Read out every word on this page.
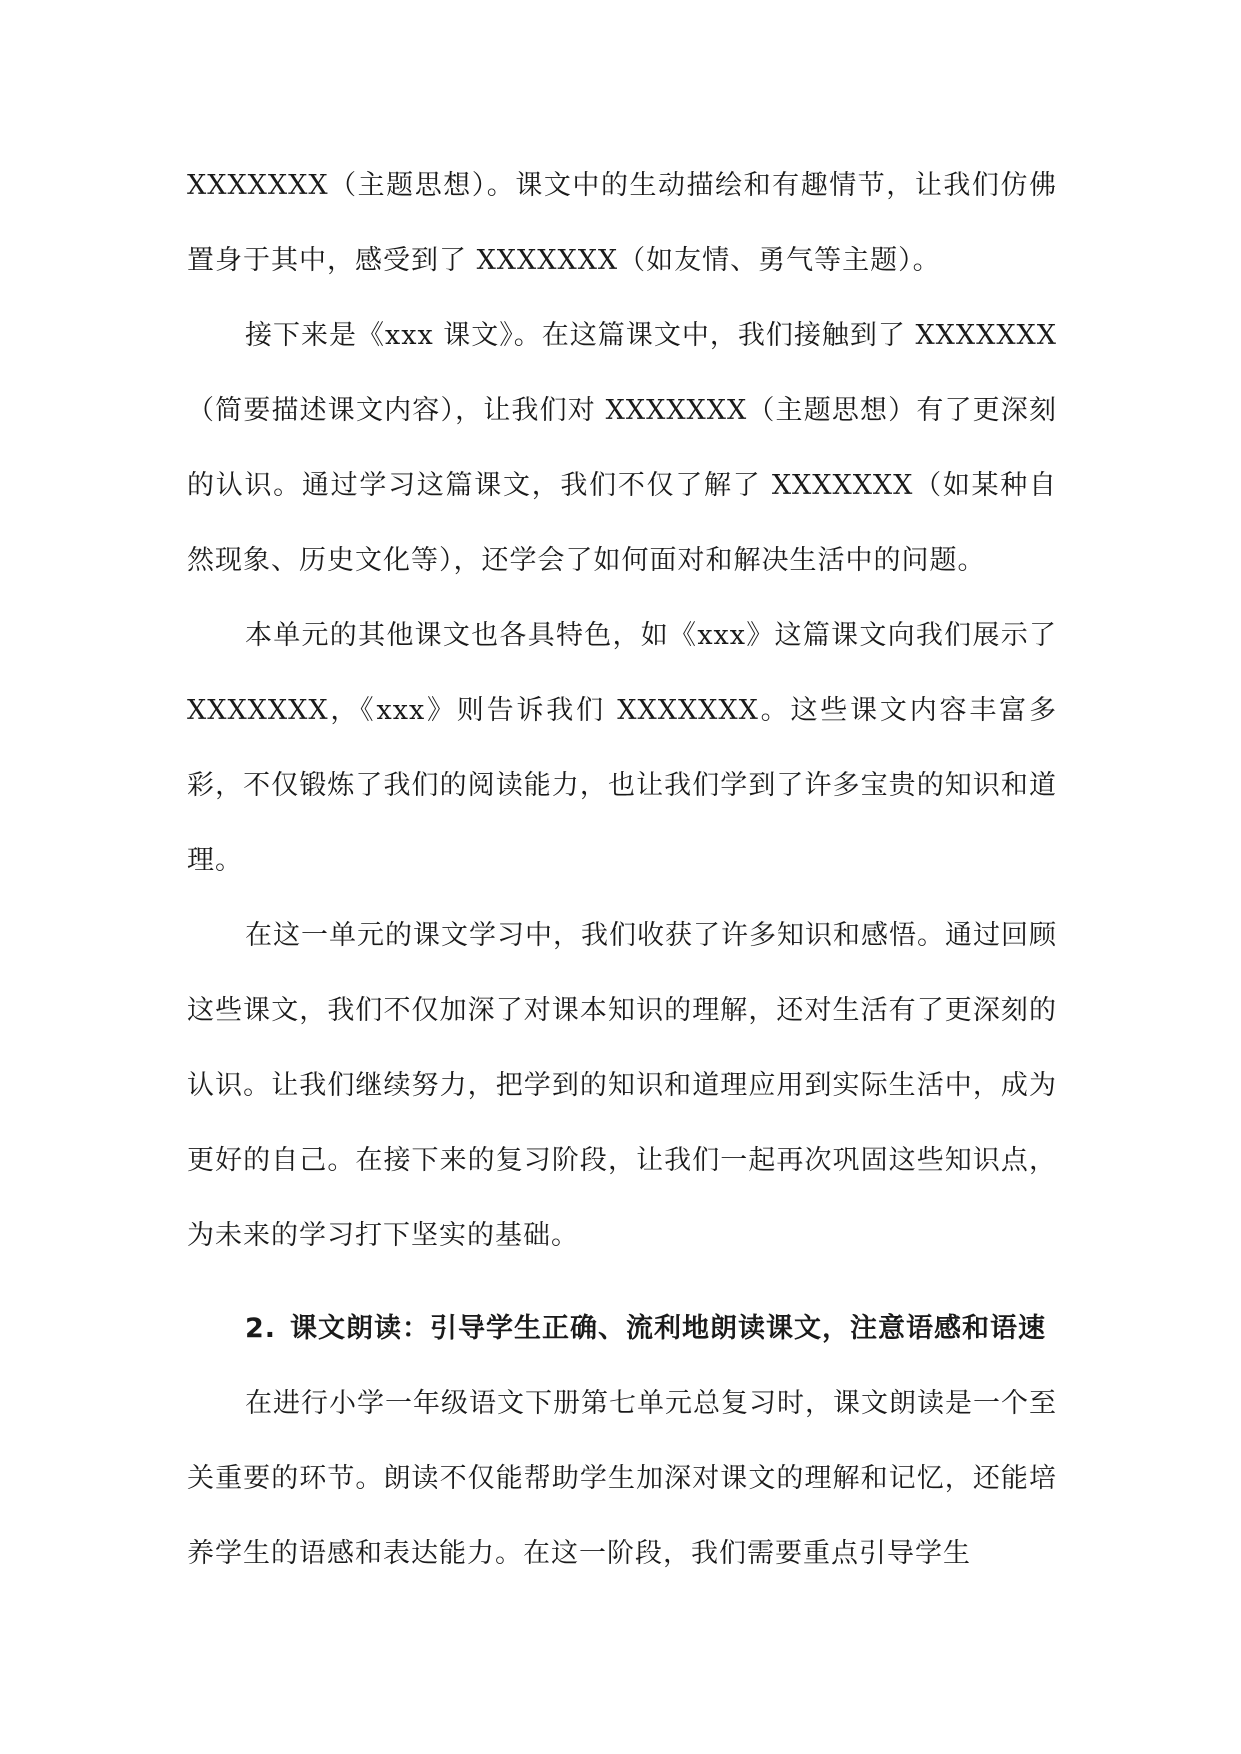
XXXXXXX（主题思想）。课文中的生动描绘和有趣情节，让我们仿佛置身于其中，感受到了 XXXXXXX（如友情、勇气等主题）。

接下来是《xxx 课文》。在这篇课文中，我们接触到了 XXXXXXX（简要描述课文内容），让我们对 XXXXXXX（主题思想）有了更深刻的认识。通过学习这篇课文，我们不仅了解了 XXXXXXX（如某种自然现象、历史文化等），还学会了如何面对和解决生活中的问题。

本单元的其他课文也各具特色，如《xxx》这篇课文向我们展示了 XXXXXXX，《xxx》则告诉我们 XXXXXXX。这些课文内容丰富多彩，不仅锻炼了我们的阅读能力，也让我们学到了许多宝贵的知识和道理。

在这一单元的课文学习中，我们收获了许多知识和感悟。通过回顾这些课文，我们不仅加深了对课本知识的理解，还对生活有了更深刻的认识。让我们继续努力，把学到的知识和道理应用到实际生活中，成为更好的自己。在接下来的复习阶段，让我们一起再次巩固这些知识点，为未来的学习打下坚实的基础。

2. 课文朗读：引导学生正确、流利地朗读课文，注意语感和语速

在进行小学一年级语文下册第七单元总复习时，课文朗读是一个至关重要的环节。朗读不仅能帮助学生加深对课文的理解和记忆，还能培养学生的语感和表达能力。在这一阶段，我们需要重点引导学生
